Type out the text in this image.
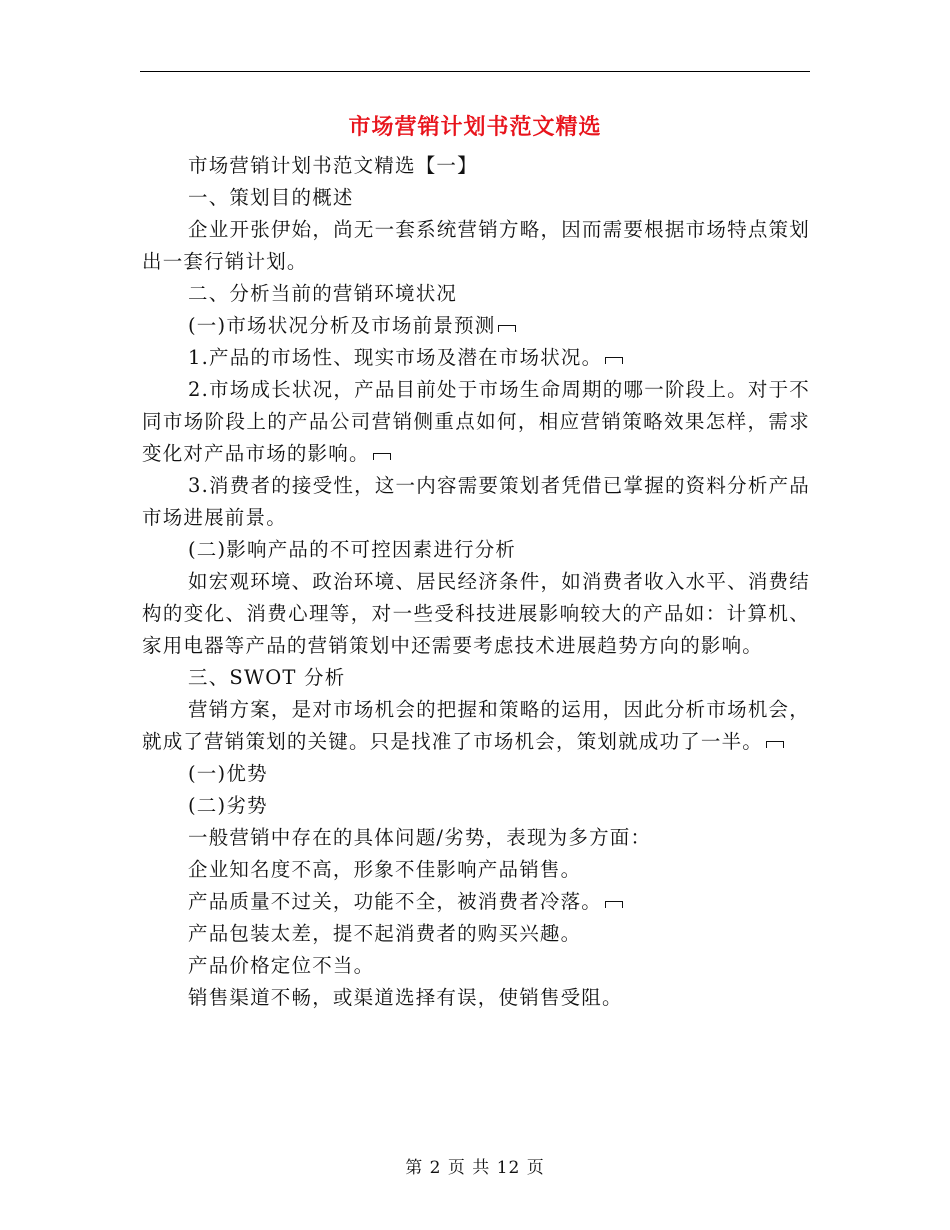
市场营销计划书范文精选

市场营销计划书范文精选【一】

一、策划目的概述

企业开张伊始，尚无一套系统营销方略，因而需要根据市场特点策划出一套行销计划。

二、分析当前的营销环境状况

(一)市场状况分析及市场前景预测

1.产品的市场性、现实市场及潜在市场状况。

2.市场成长状况，产品目前处于市场生命周期的哪一阶段上。对于不同市场阶段上的产品公司营销侧重点如何，相应营销策略效果怎样，需求变化对产品市场的影响。

3.消费者的接受性，这一内容需要策划者凭借已掌握的资料分析产品市场进展前景。

(二)影响产品的不可控因素进行分析

如宏观环境、政治环境、居民经济条件，如消费者收入水平、消费结构的变化、消费心理等，对一些受科技进展影响较大的产品如：计算机、家用电器等产品的营销策划中还需要考虑技术进展趋势方向的影响。

三、SWOT 分析

营销方案，是对市场机会的把握和策略的运用，因此分析市场机会，就成了营销策划的关键。只是找准了市场机会，策划就成功了一半。

(一)优势

(二)劣势

一般营销中存在的具体问题/劣势，表现为多方面：

企业知名度不高，形象不佳影响产品销售。

产品质量不过关，功能不全，被消费者冷落。

产品包装太差，提不起消费者的购买兴趣。

产品价格定位不当。

销售渠道不畅，或渠道选择有误，使销售受阻。

第 2 页 共 12 页
